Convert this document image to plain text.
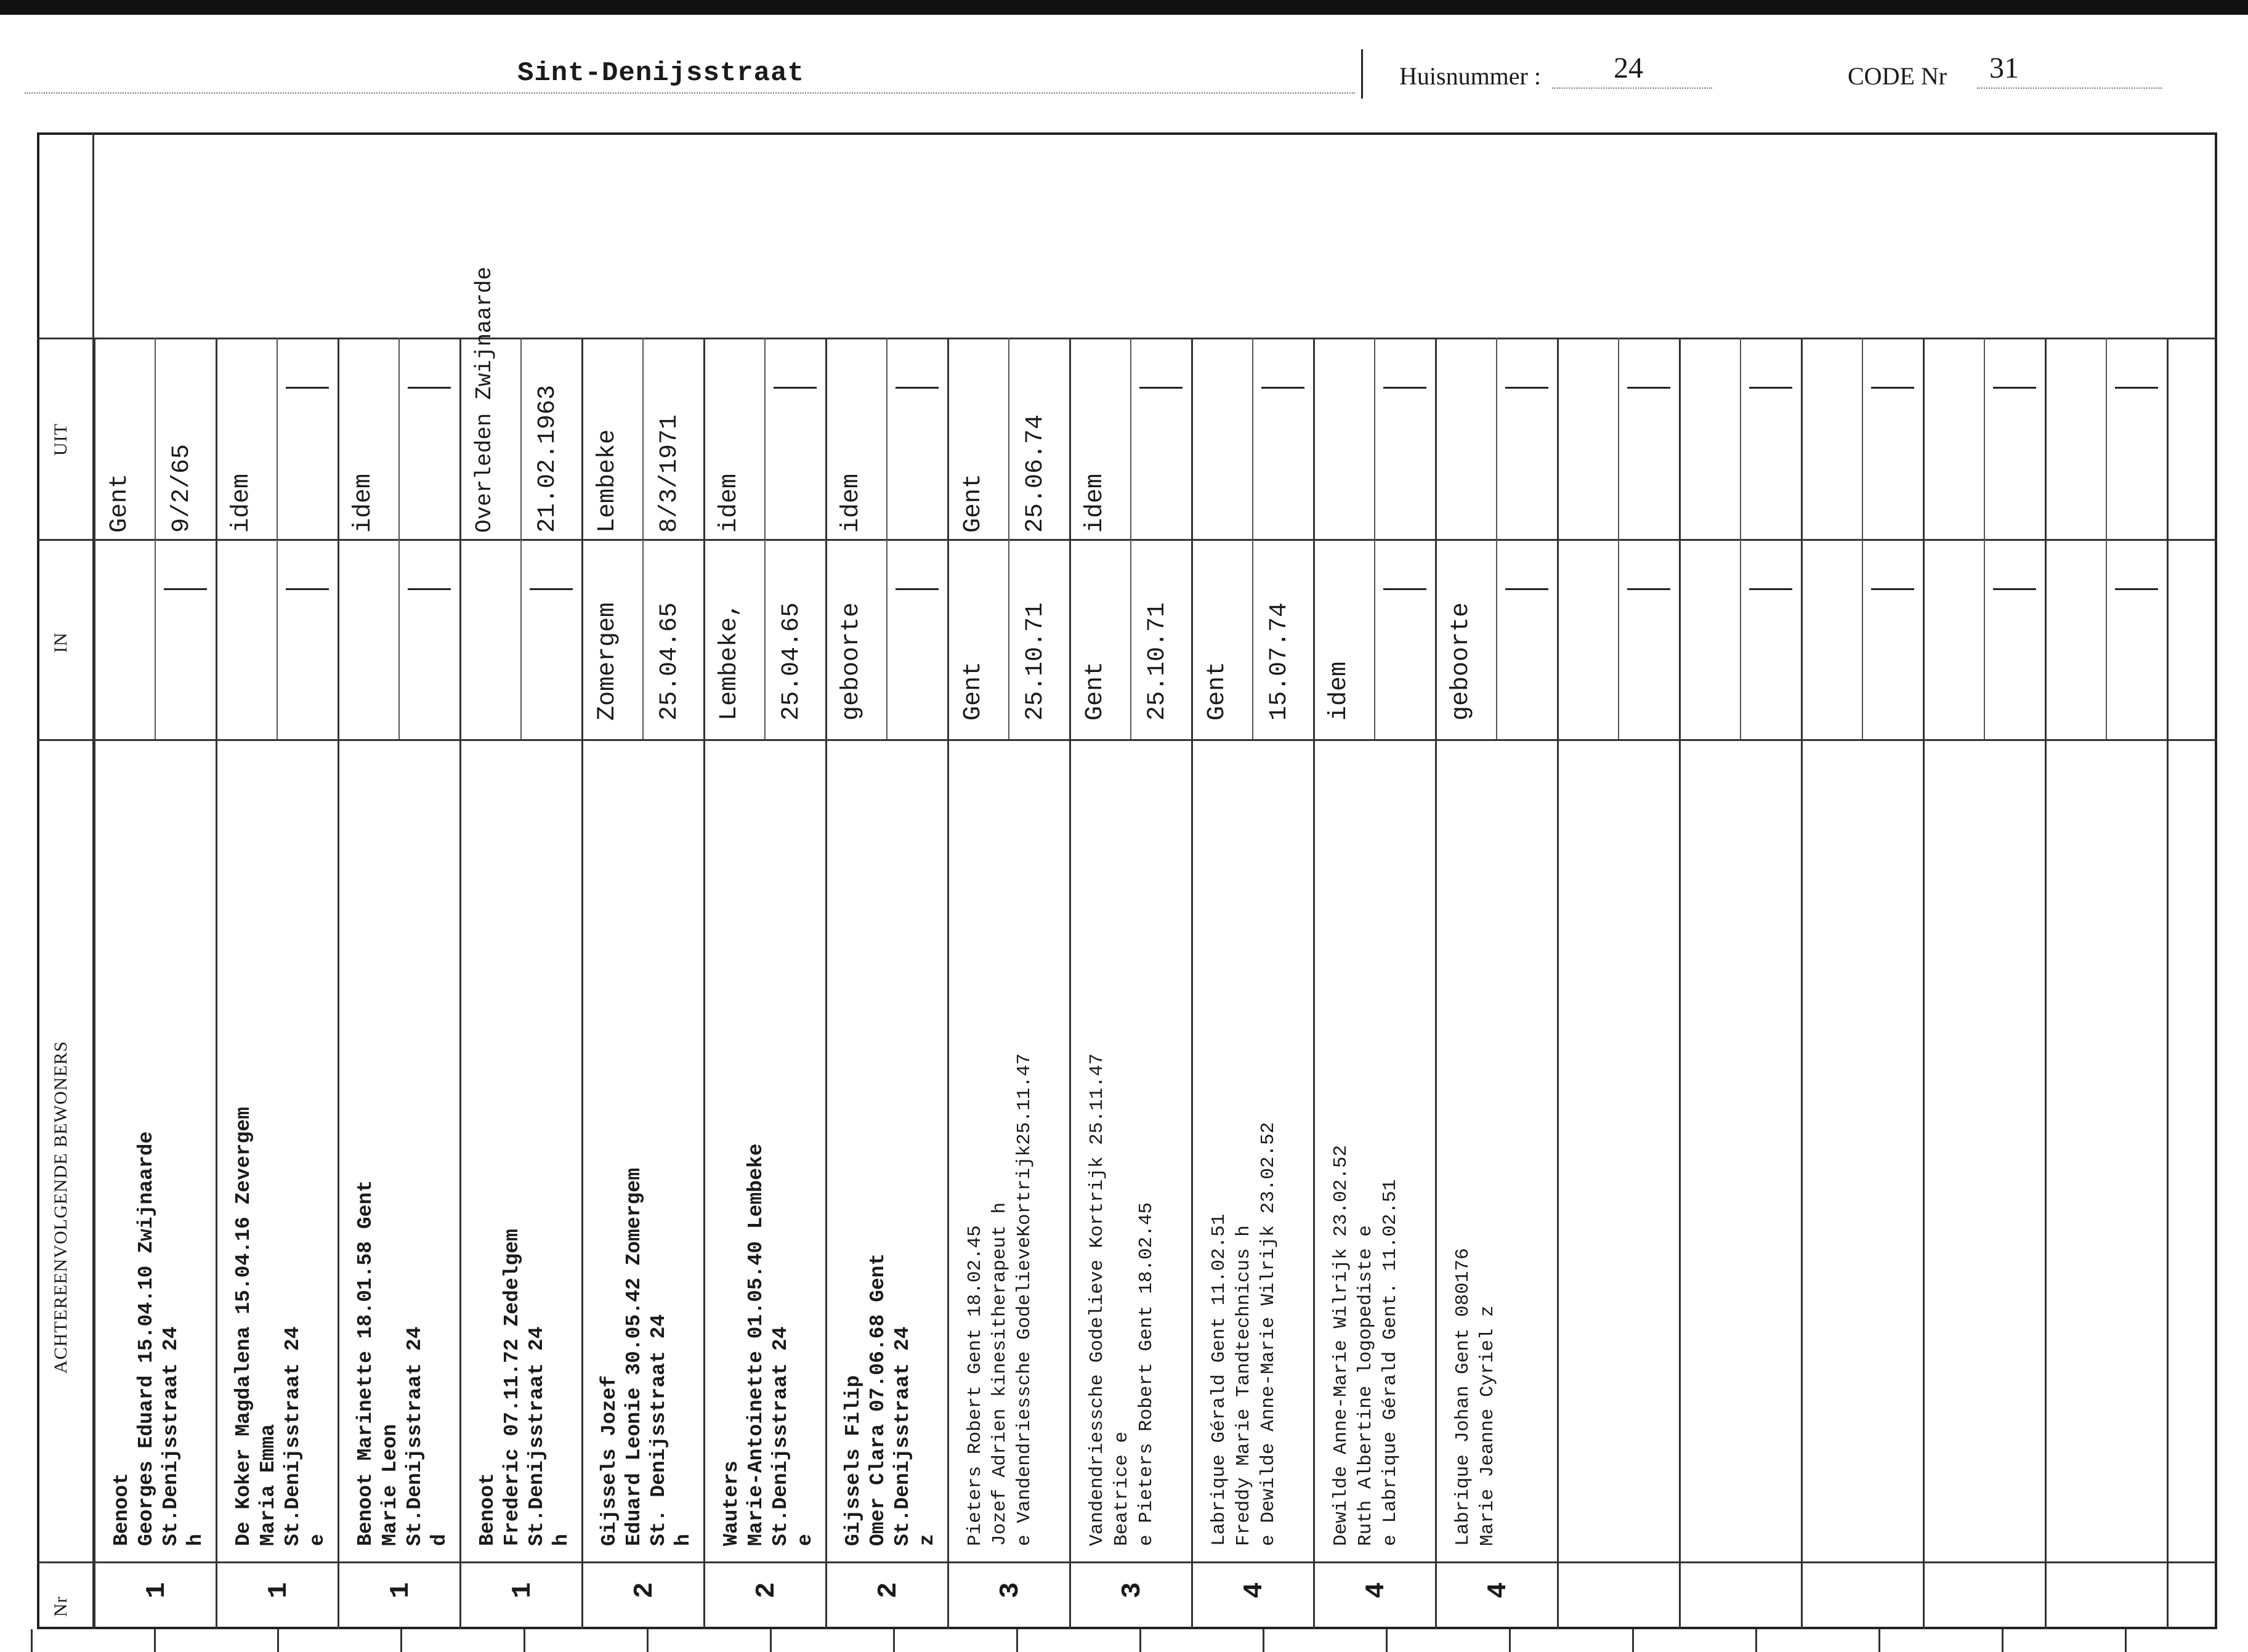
Sint-Denijsstraat	Huisnummer : 24	CODE Nr 31
UIT
IN
ACHTEREENVOLGENDE BEWONERS
Nr
1
Benoot Georges Eduard 15.04.10 Zwijnaarde St.Denijsstraat 24 h
Gent 9/2/65
1
De Koker Magdalena 15.04.16 Zevergem Maria Emma St.Denijsstraat 24 e
idem
1
Benoot Marinette 18.01.58 Gent Marie Leon St.Denijsstraat 24 d
idem
1
Benoot Frederic 07.11.72 Zedelgem St.Denijsstraat 24 h
Overleden Zwijnaarde 21.02.1963
2
Gijssels Jozef Eduard Leonie 30.05.42 Zomergem St. Denijsstraat 24 h
Zomergem 25.04.65
Lembeke 8/3/1971
2
Wauters Marie-Antoinette 01.05.40 Lembeke St.Denijsstraat 24 e
Lembeke, 25.04.65
idem
2
Gijssels Filip Omer Clara 07.06.68 Gent St.Denijsstraat 24 z
geboorte
idem
3
Pieters Robert Gent 18.02.45 Jozef Adrien kinesitherapeut h e Vandendriessche GodelieveKortrijk25.11.47
Gent 25.10.71
Gent 25.06.74
3
Vandendriessche Godelieve Kortrijk 25.11.47 Beatrice e e Pieters Robert Gent 18.02.45
Gent 25.10.71
idem
4
Labrique Gérald Gent 11.02.51 Freddy Marie Tandtechnicus h e Dewilde Anne-Marie Wilrijk 23.02.52
Gent 15.07.74
4
Dewilde Anne-Marie Wilrijk 23.02.52 Ruth Albertine logopediste e e Labrique Gérald Gent. 11.02.51
idem
4
Labrique Johan Gent 080176 Marie Jeanne Cyriel z
geboorte
